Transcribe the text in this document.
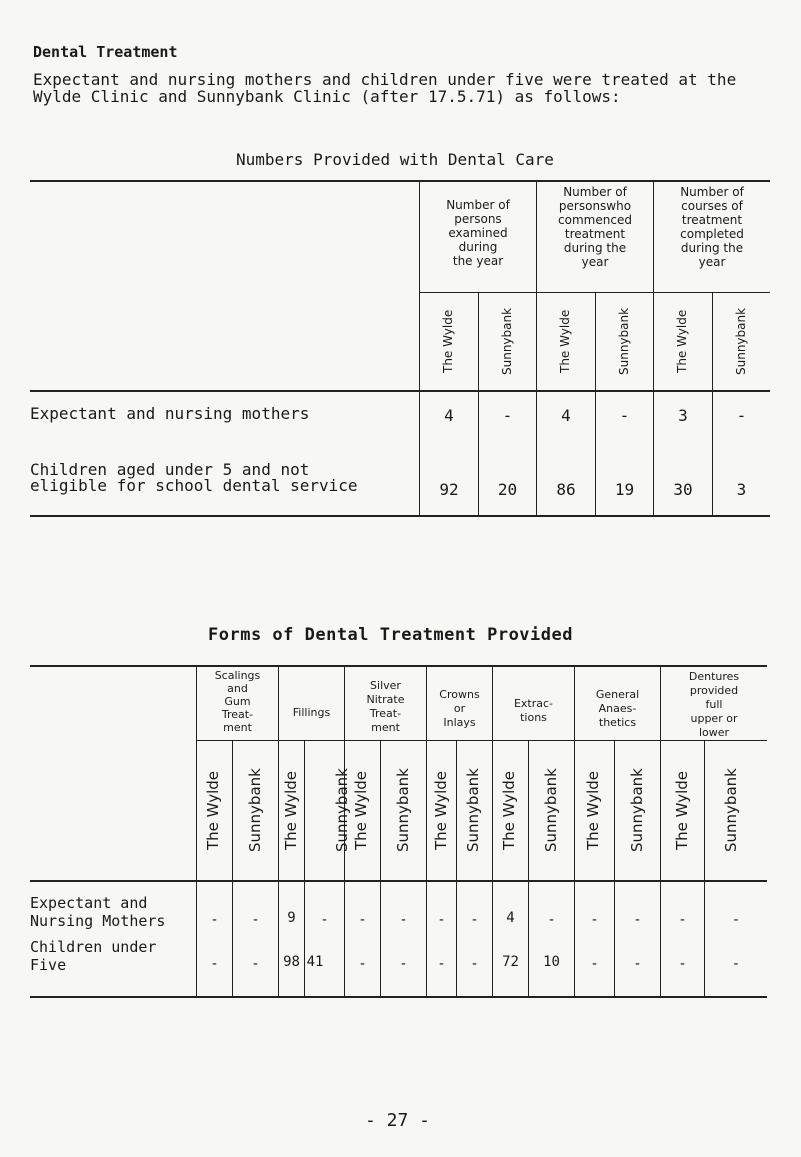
Dental Treatment
Expectant and nursing mothers and children under five were treated at the
Wylde Clinic and Sunnybank Clinic (after 17.5.71) as follows:
Numbers Provided with Dental Care
Number of
persons
examined
during
the year
Number of
personswho
commenced
treatment
during the
year
Number of
courses of
treatment
completed
during the
year
The Wylde	Sunnybank	The Wylde	Sunnybank	The Wylde	Sunnybank
Expectant and nursing mothers
Children aged under 5 and not
eligible for school dental service
4	-	4	-	3	-
92	20	86	19	30	3
Forms of Dental Treatment Provided
Scalings
and
Gum
Treat-
ment
Fillings
Silver
Nitrate
Treat-
ment
Crowns
or
Inlays
Extrac-
tions
General
Anaes-
thetics
Dentures
provided
full
upper or
lower
The Wylde Sunnybank The Wylde Sunnybank The Wylde Sunnybank The Wylde Sunnybank The Wylde Sunnybank The Wylde Sunnybank The Wylde Sunnybank
Expectant and
Nursing Mothers
Children under
Five
-	-	9	-	-	-	-	-	4	-	-	-	-	-
-	-	98 41	-	-	-	-	72	10	-	-	-	-
- 27 -
